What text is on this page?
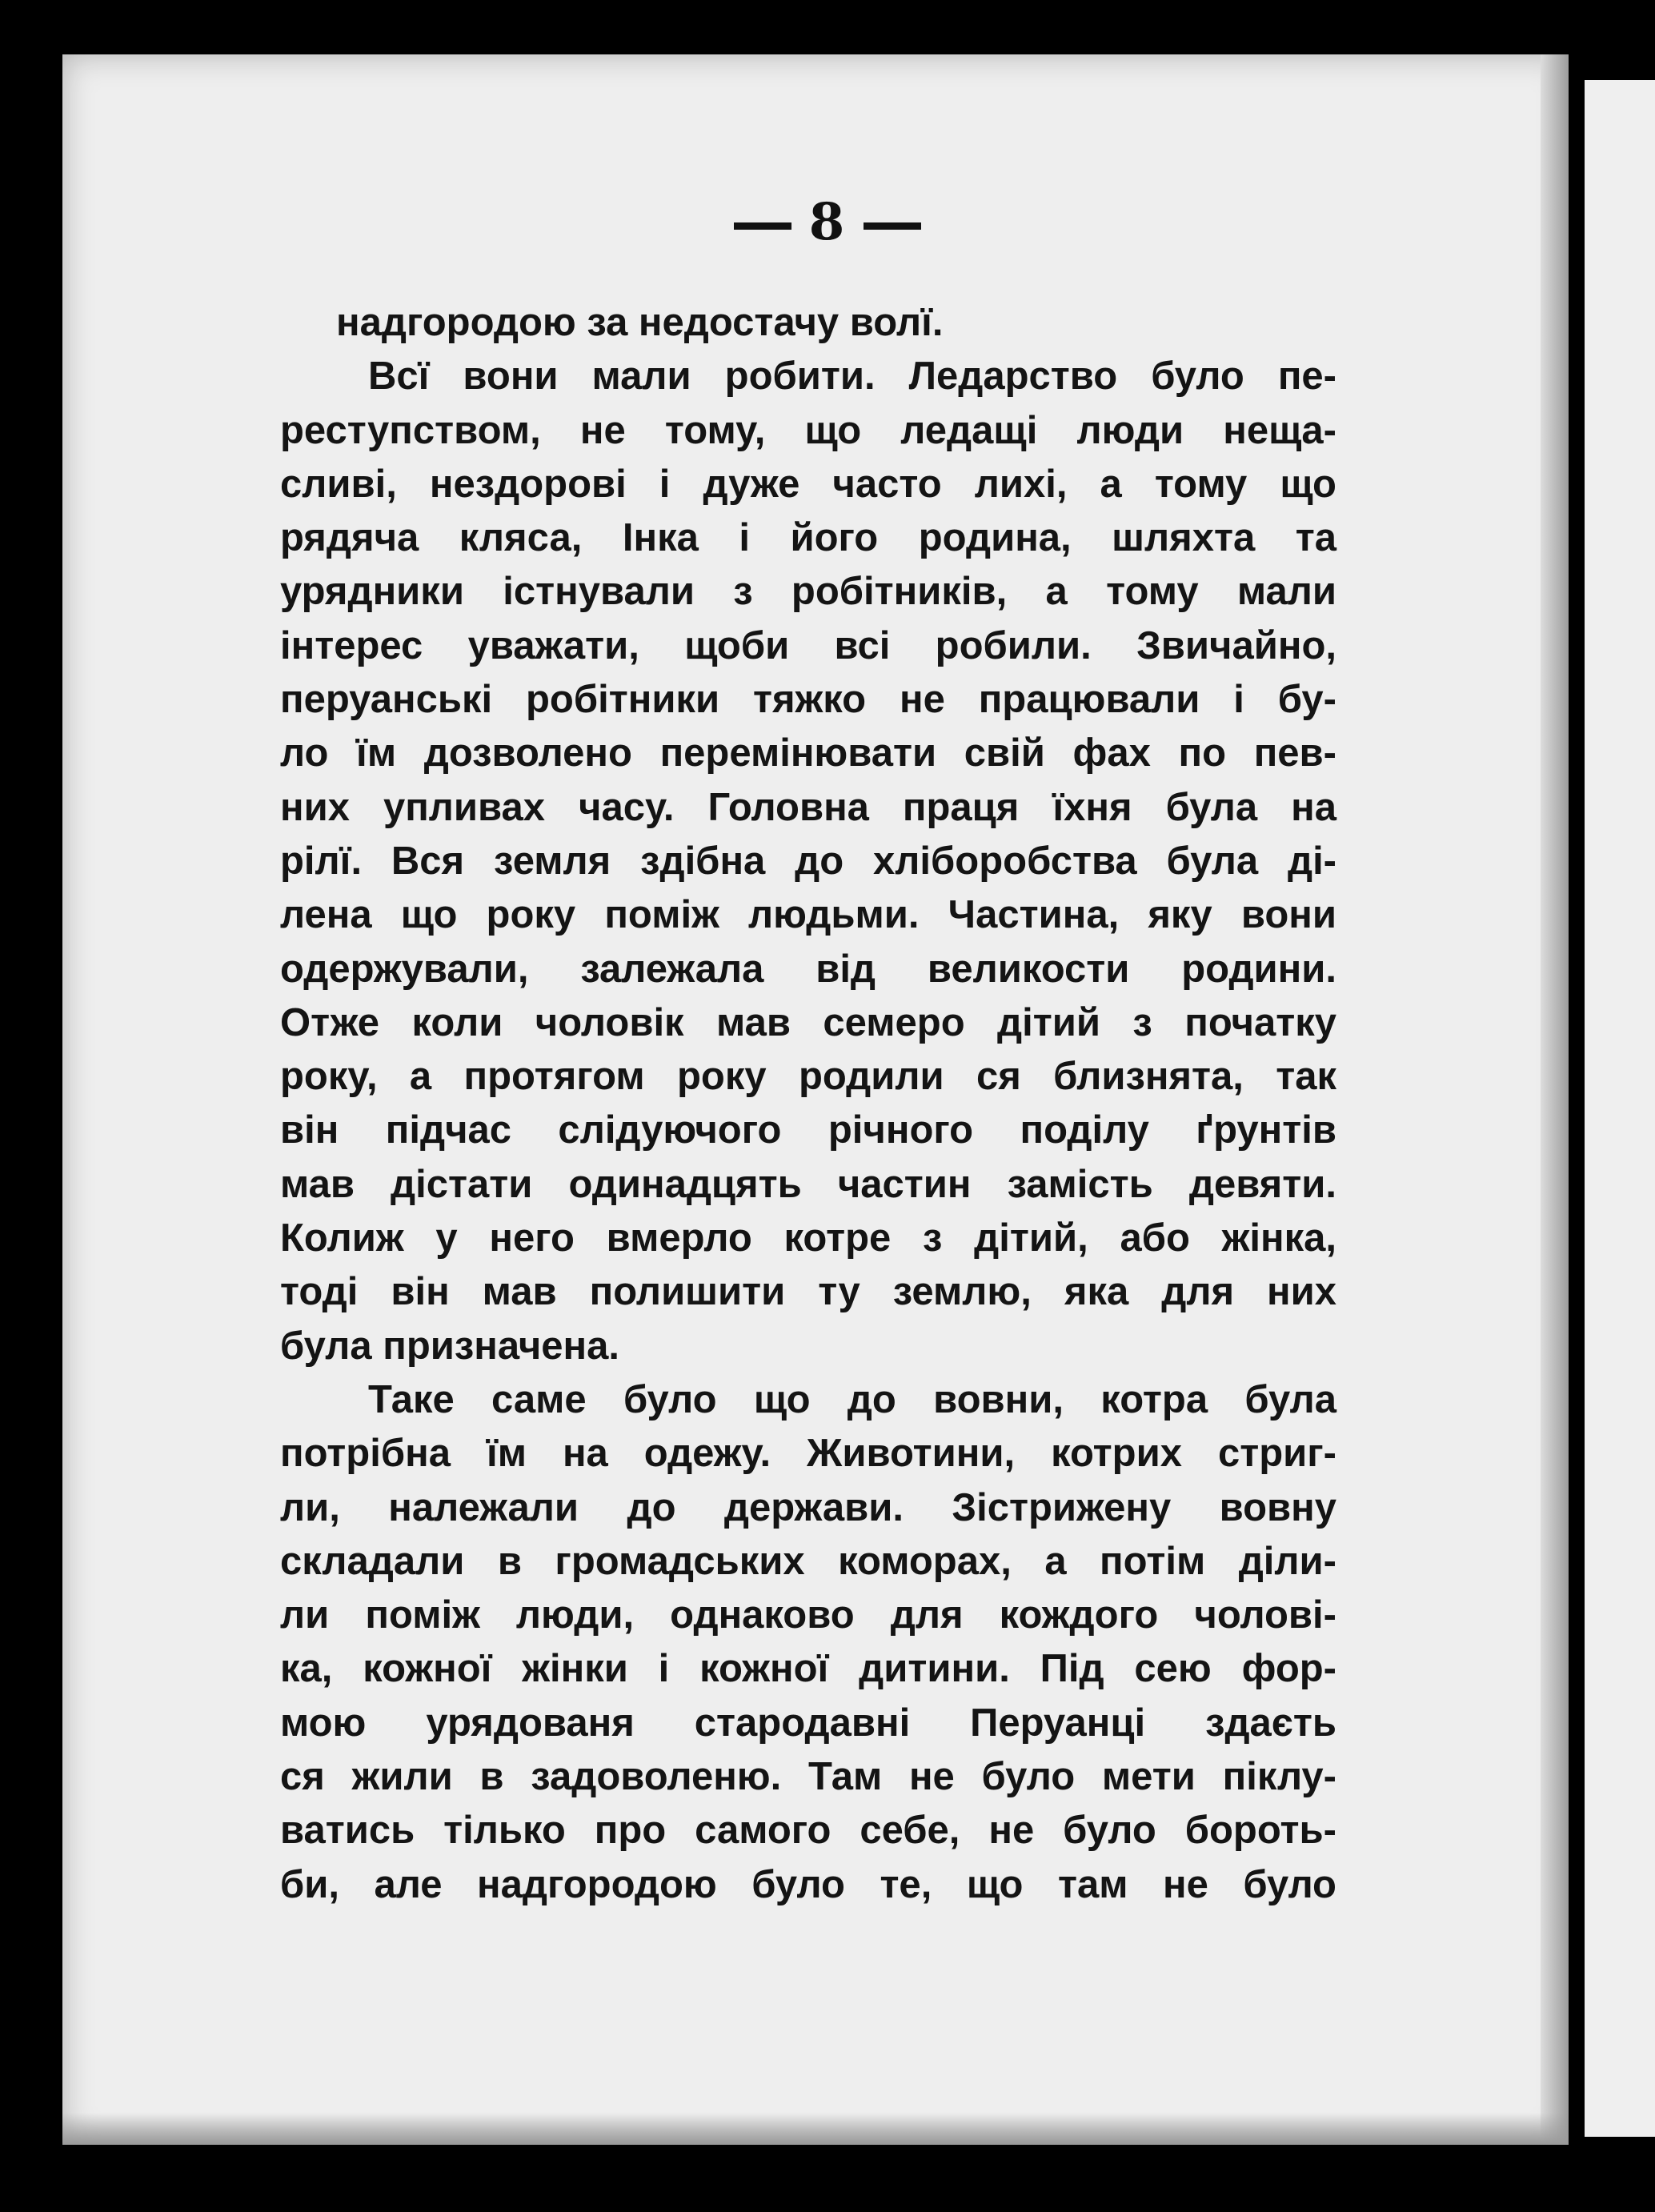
8
надгородою за недостачу волї.
Всї вони мали робити. Ледарство було пе-
реступством, не тому, що ледащі люди нещa-
сливі, нездорові і дуже часто лихі, а тому що
рядяча кляса, Інка і його родина, шляхта та
урядники істнували з робітників, а тому мали
інтерес уважати, щоби всі робили. Звичайно,
перуанські робітники тяжко не працювали і бу-
ло їм дозволено перемінювати свій фах по пев-
них упливах часу. Головна праця їхня була на
рілї. Вся земля здібна до хліборобства була ді-
лена що року поміж людьми. Частина, яку вони
одержували, залежала від великости родини.
Отже коли чоловік мав семеро дітий з початку
року, а протягом року родили ся близнята, так
він підчас слідуючого річного поділу ґрунтів
мав дістати одинадцять частин замість девяти.
Колиж у него вмерло котре з дітий, або жінка,
тоді він мав полишити ту землю, яка для них
була призначена.
Таке саме було що до вовни, котра була
потрібна їм на одежу. Животини, котрих стриг-
ли, належали до держави. Зістрижену вовну
складали в громадських коморах, а потім діли-
ли поміж люди, однаково для кождого чолові-
ка, кожної жінки і кожної дитини. Під сею фор-
мою урядованя стародавні Перуанці здаєть
ся жили в задоволеню. Там не було мети піклу-
ватись тілько про самого себе, не було бороть-
би, але надгородою було те, що там не було
